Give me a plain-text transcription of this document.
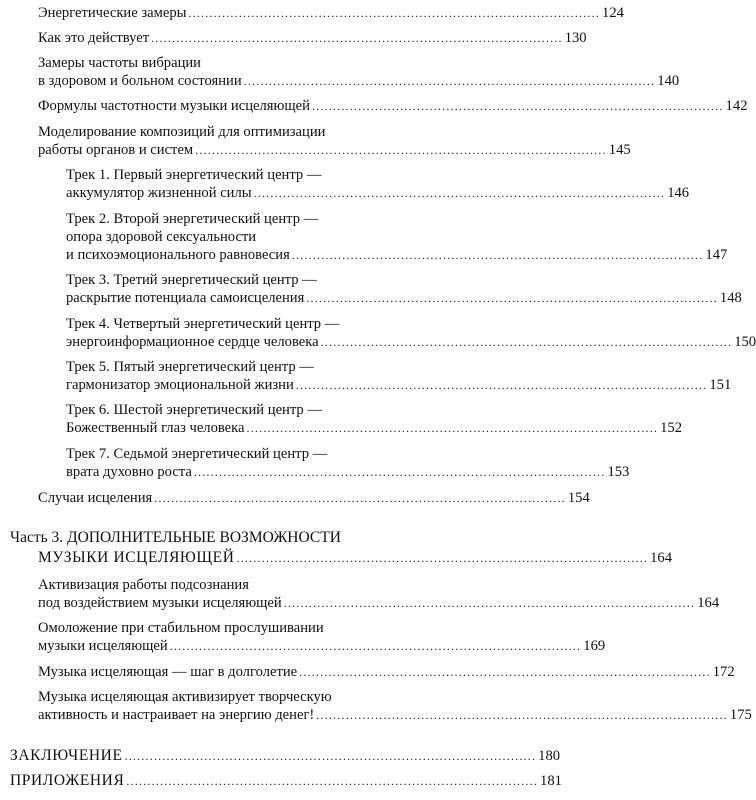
Энергетические замеры .................................................................................................. 124
Как это действует .................................................................................................. 130
Замеры частоты вибрации
в здоровом и больном состоянии .................................................................................................. 140
Формулы частотности музыки исцеляющей .................................................................................................. 142
Моделирование композиций для оптимизации
работы органов и систем .................................................................................................. 145
Трек 1. Первый энергетический центр —
аккумулятор жизненной силы .................................................................................................. 146
Трек 2. Второй энергетический центр —
опора здоровой сексуальности
и психоэмоционального равновесия .................................................................................................. 147
Трек 3. Третий энергетический центр —
раскрытие потенциала самоисцеления .................................................................................................. 148
Трек 4. Четвертый энергетический центр —
энергоинформационное сердце человека .................................................................................................. 150
Трек 5. Пятый энергетический центр —
гармонизатор эмоциональной жизни .................................................................................................. 151
Трек 6. Шестой энергетический центр —
Божественный глаз человека .................................................................................................. 152
Трек 7. Седьмой энергетический центр —
врата духовно роста .................................................................................................. 153
Случаи исцеления .................................................................................................. 154
Часть 3. ДОПОЛНИТЕЛЬНЫЕ ВОЗМОЖНОСТИ
МУЗЫКИ ИСЦЕЛЯЮЩЕЙ .................................................................................................. 164
Активизация работы подсознания
под воздействием музыки исцеляющей .................................................................................................. 164
Омоложение при стабильном прослушивании
музыки исцеляющей .................................................................................................. 169
Музыка исцеляющая — шаг в долголетие .................................................................................................. 172
Музыка исцеляющая активизирует творческую
активность и настраивает на энергию денег! .................................................................................................. 175
ЗАКЛЮЧЕНИЕ .................................................................................................. 180
ПРИЛОЖЕНИЯ .................................................................................................. 181
